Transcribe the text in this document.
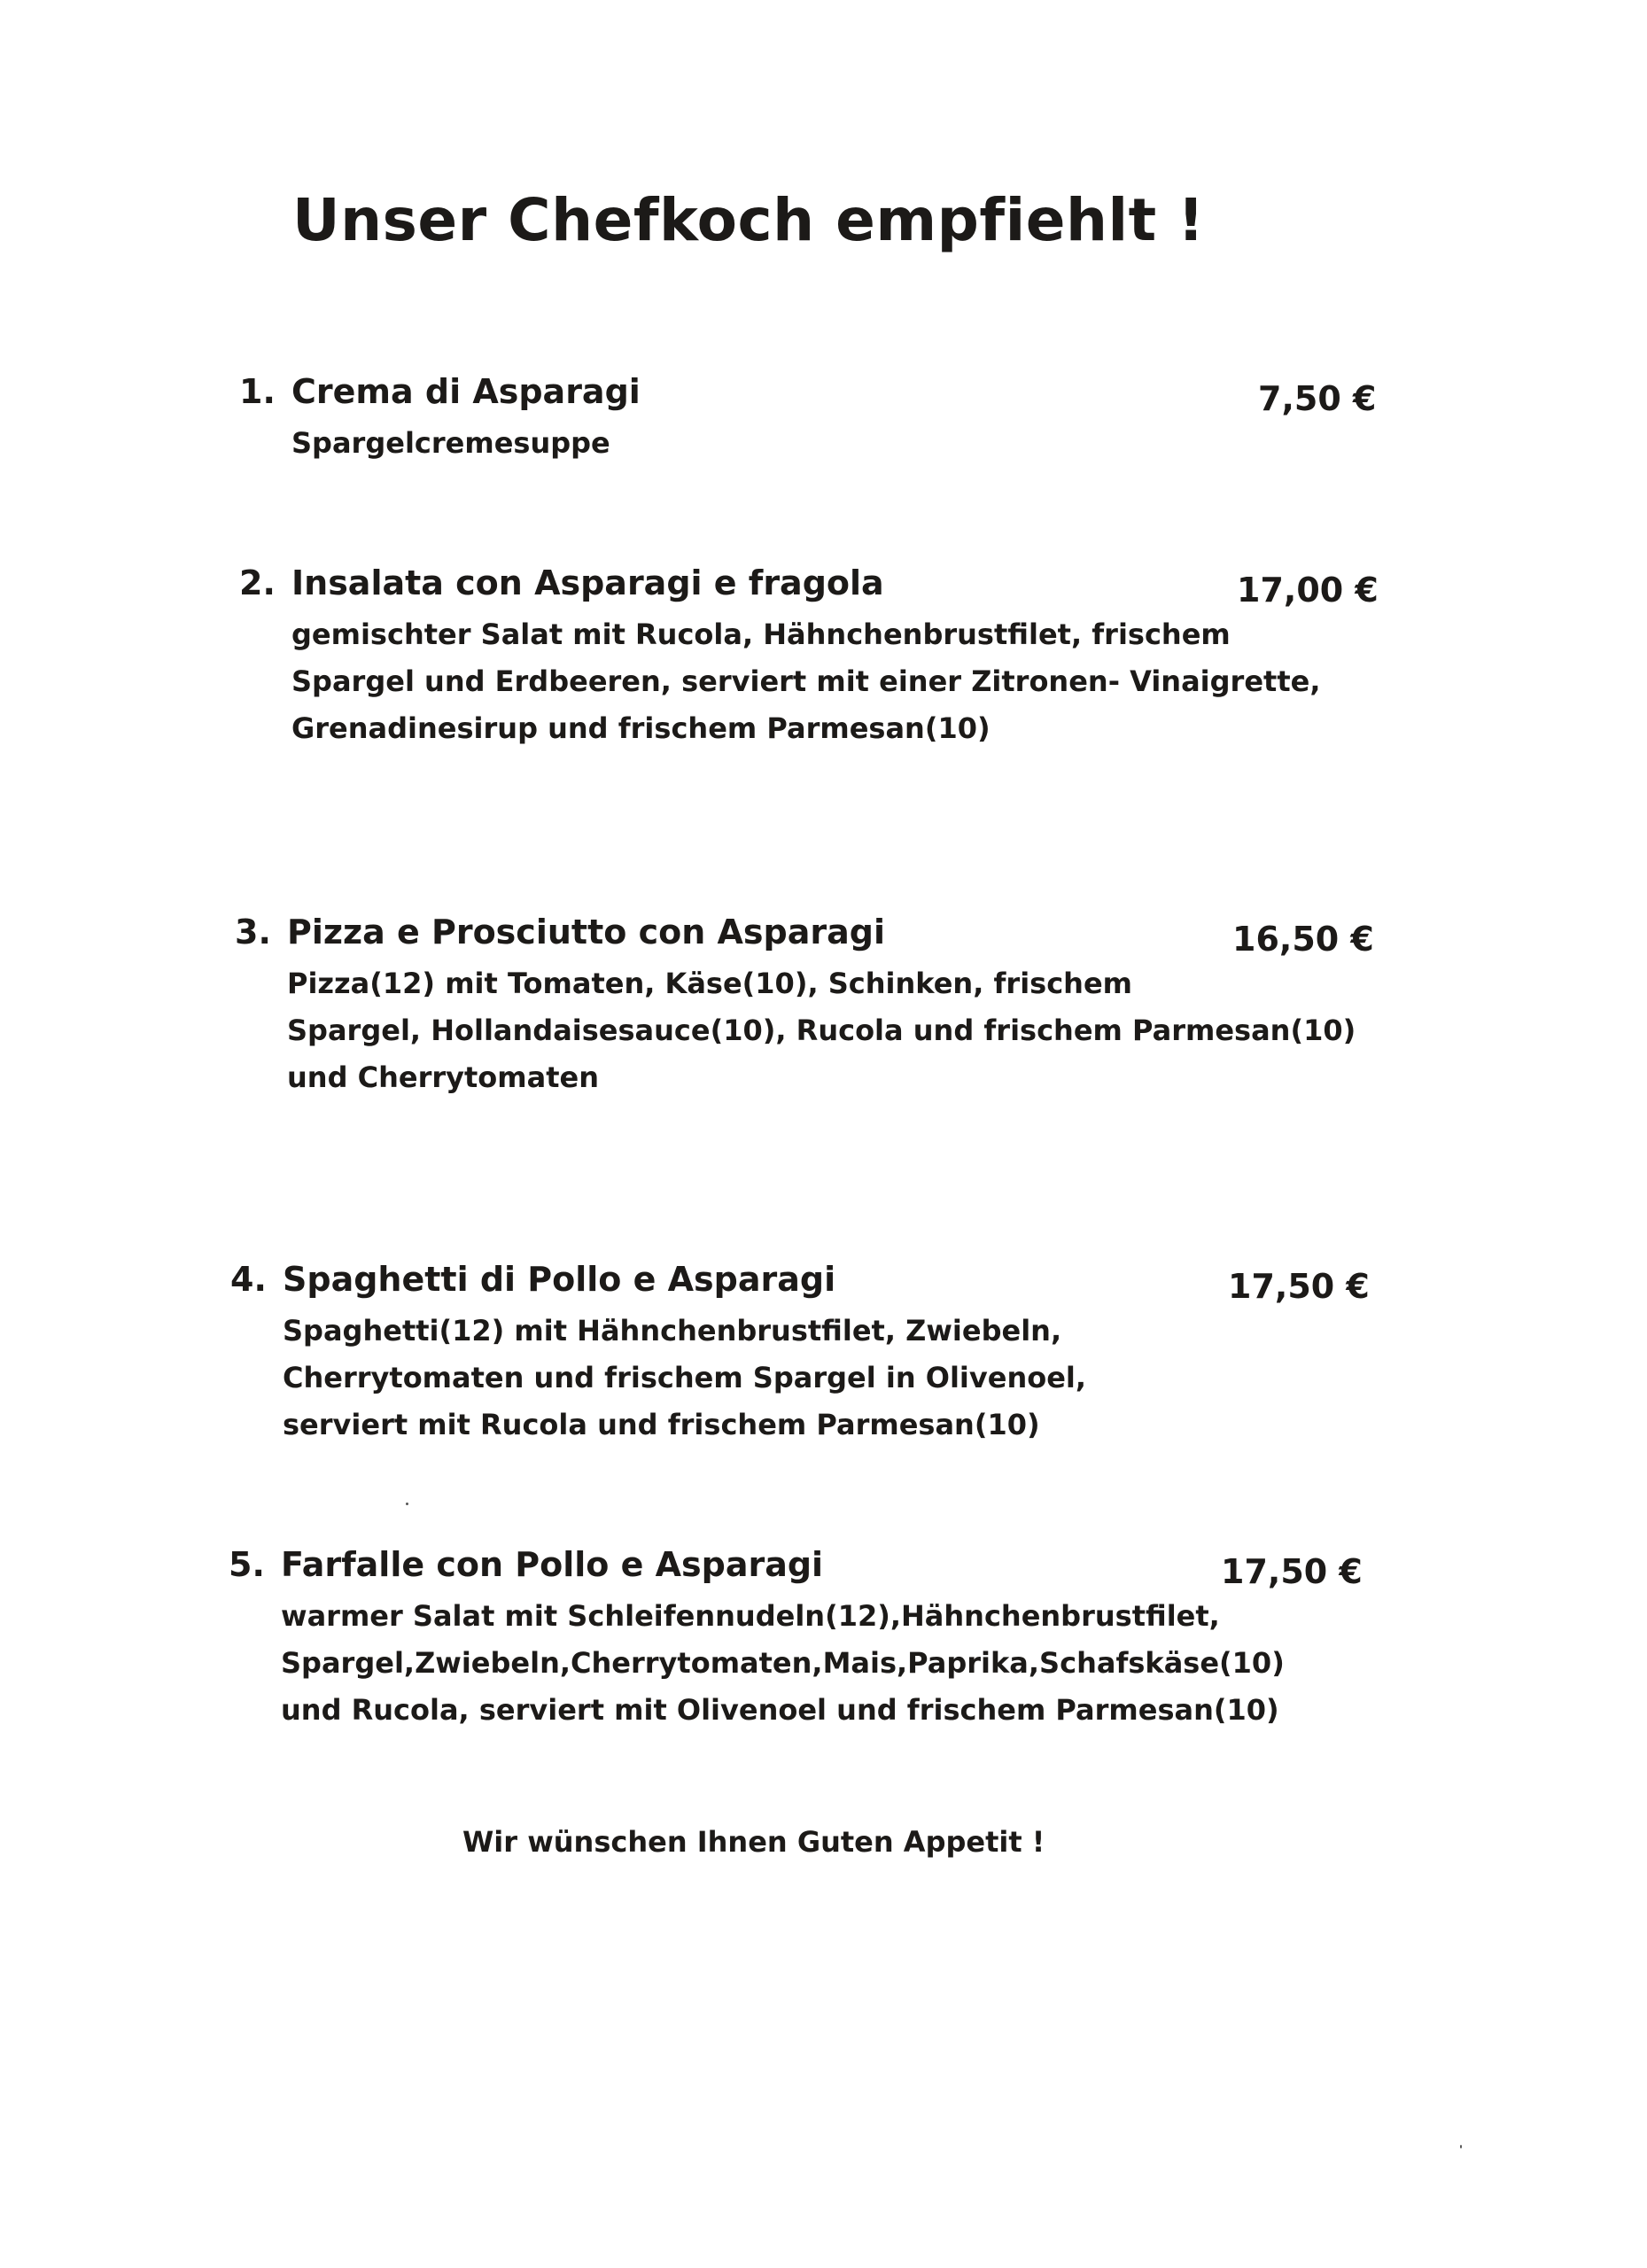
Unser Chefkoch empfiehlt !
1. Crema di Asparagi	7,50 €
Spargelcremesuppe
2. Insalata con Asparagi e fragola	17,00 €
gemischter Salat mit Rucola, Hähnchenbrustfilet, frischem
Spargel und Erdbeeren, serviert mit einer Zitronen- Vinaigrette,
Grenadinesirup und frischem Parmesan(10)
3. Pizza e Prosciutto con Asparagi	16,50 €
Pizza(12) mit Tomaten, Käse(10), Schinken, frischem
Spargel, Hollandaisesauce(10), Rucola und frischem Parmesan(10)
und Cherrytomaten
4. Spaghetti di Pollo e Asparagi	17,50 €
Spaghetti(12) mit Hähnchenbrustfilet, Zwiebeln,
Cherrytomaten und frischem Spargel in Olivenoel,
serviert mit Rucola und frischem Parmesan(10)
5. Farfalle con Pollo e Asparagi	17,50 €
warmer Salat mit Schleifennudeln(12),Hähnchenbrustfilet,
Spargel,Zwiebeln,Cherrytomaten,Mais,Paprika,Schafskäse(10)
und Rucola, serviert mit Olivenoel und frischem Parmesan(10)
Wir wünschen Ihnen Guten Appetit !
